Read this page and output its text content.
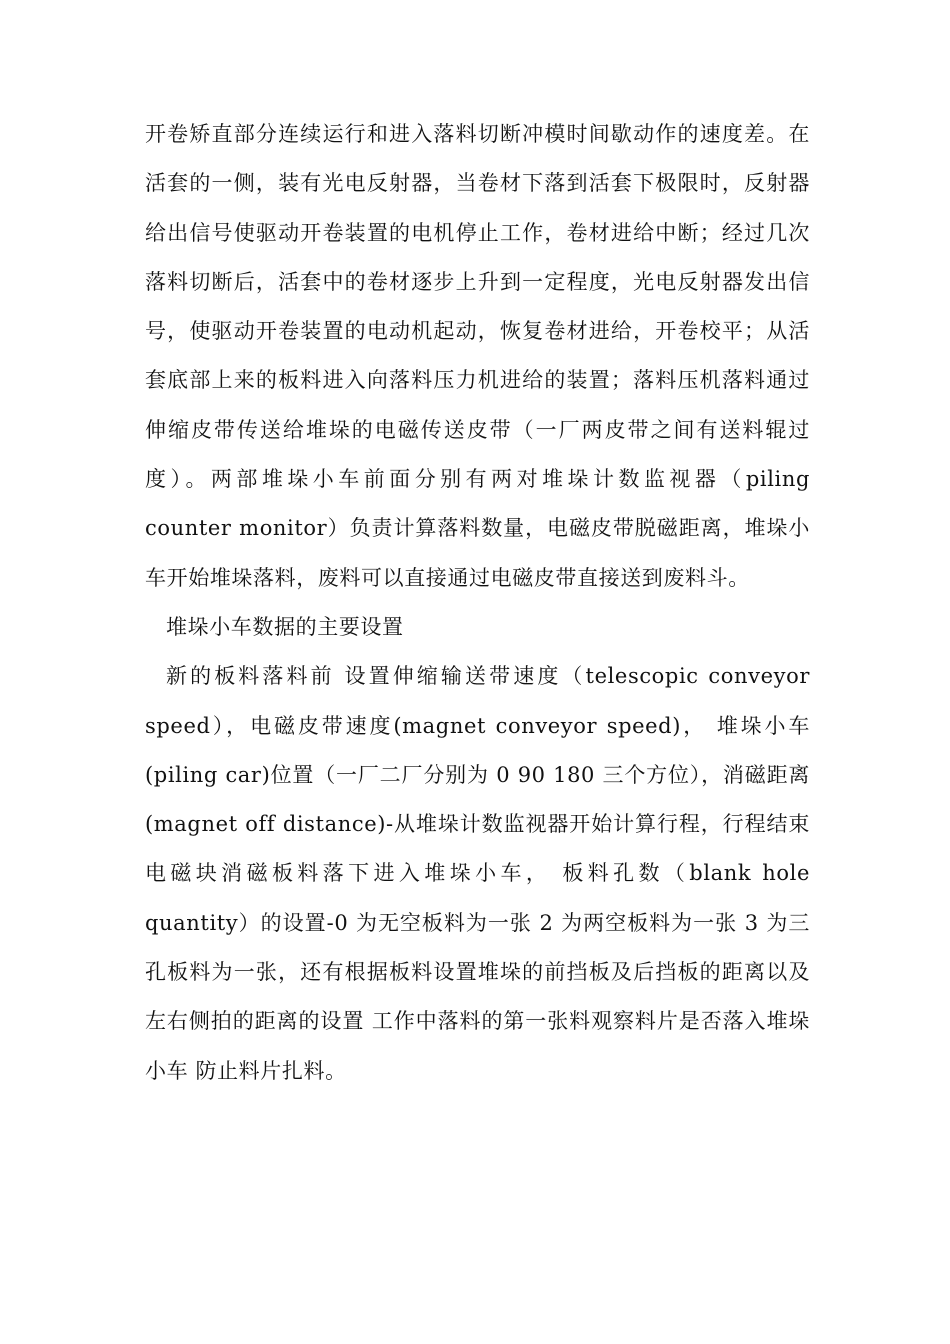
开卷矫直部分连续运行和进入落料切断冲模时间歇动作的速度差。在活套的一侧，装有光电反射器，当卷材下落到活套下极限时，反射器给出信号使驱动开卷装置的电机停止工作，卷材进给中断；经过几次落料切断后，活套中的卷材逐步上升到一定程度，光电反射器发出信号，使驱动开卷装置的电动机起动，恢复卷材进给，开卷校平；从活套底部上来的板料进入向落料压力机进给的装置；落料压机落料通过伸缩皮带传送给堆垛的电磁传送皮带（一厂两皮带之间有送料辊过度）。两部堆垛小车前面分别有两对堆垛计数监视器（piling counter monitor）负责计算落料数量，电磁皮带脱磁距离，堆垛小车开始堆垛落料，废料可以直接通过电磁皮带直接送到废料斗。

堆垛小车数据的主要设置

新的板料落料前 设置伸缩输送带速度（telescopic conveyor speed），电磁皮带速度(magnet conveyor speed)， 堆垛小车(piling car)位置（一厂二厂分别为 0 90 180 三个方位），消磁距离(magnet off distance)-从堆垛计数监视器开始计算行程，行程结束电磁块消磁板料落下进入堆垛小车， 板料孔数（blank hole quantity）的设置-0 为无空板料为一张 2 为两空板料为一张 3 为三孔板料为一张，还有根据板料设置堆垛的前挡板及后挡板的距离以及左右侧拍的距离的设置 工作中落料的第一张料观察料片是否落入堆垛小车 防止料片扎料。
